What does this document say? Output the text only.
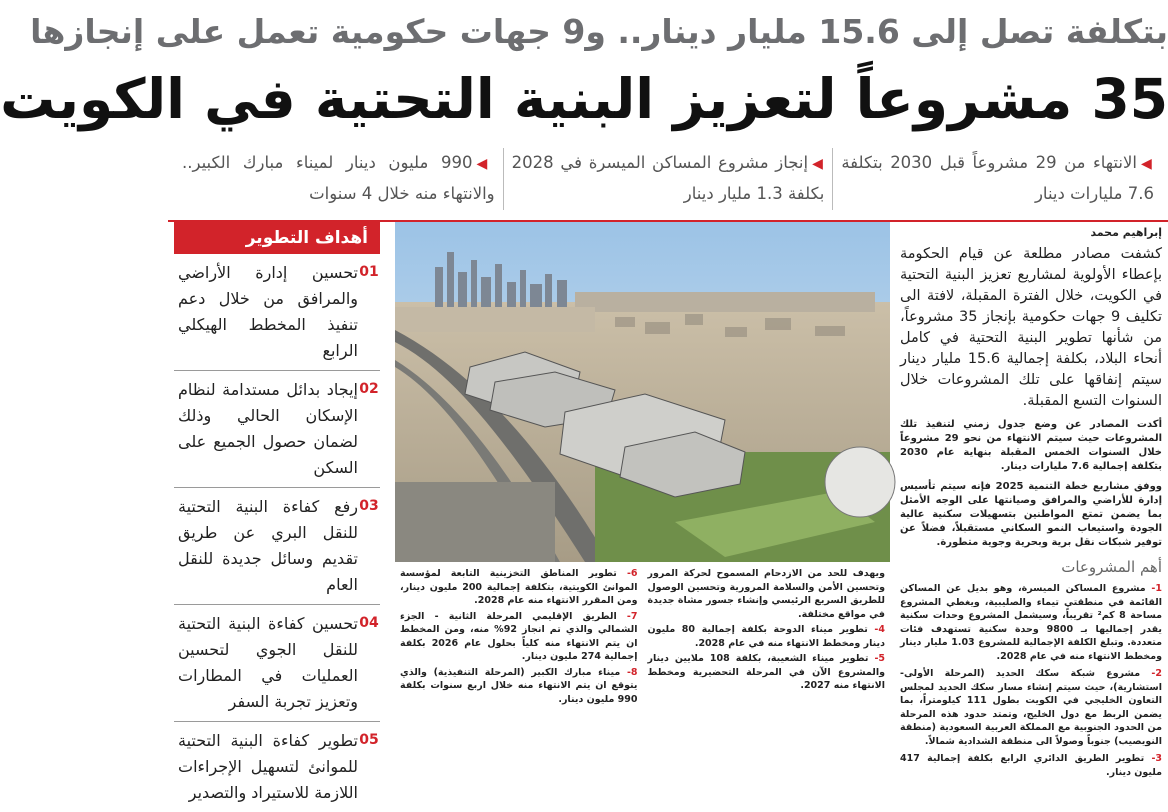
بتكلفة تصل إلى 15.6 مليار دينار.. و9 جهات حكومية تعمل على إنجازها
35 مشروعاً لتعزيز البنية التحتية في الكويت
◀الانتهاء من 29 مشروعاً قبل 2030 بتكلفة 7.6 مليارات دينار
◀إنجاز مشروع المساكن الميسرة في 2028 بكلفة 1.3 مليار دينار
◀990 مليون دينار لميناء مبارك الكبير.. والانتهاء منه خلال 4 سنوات
إبراهيم محمد

كشفت مصادر مطلعة عن قيام الحكومة بإعطاء الأولوية لمشاريع تعزيز البنية التحتية في الكويت، خلال الفترة المقبلة، لافتة الى تكليف 9 جهات حكومية بإنجاز 35 مشروعاً، من شأنها تطوير البنية التحتية في كامل أنحاء البلاد، بكلفة إجمالية 15.6 مليار دينار سيتم إنفاقها على تلك المشروعات خلال السنوات التسع المقبلة.

أكدت المصادر عن وضع جدول زمني لتنفيذ تلك المشروعات حيث سيتم الانتهاء من نحو 29 مشروعاً خلال السنوات الخمس المقبلة بنهاية عام 2030 بتكلفة إجمالية 7.6 مليارات دينار.

ووفق مشاريع خطة التنمية 2025 فإنه سيتم تأسيس إدارة للأراضي والمرافق وصيانتها على الوجه الأمثل بما يضمن تمتع المواطنين بتسهيلات سكنية عالية الجودة واستيعاب النمو السكاني مستقبلاً، فضلاً عن توفير شبكات نقل برية وبحرية وجوية متطورة.

أهم المشروعات

1- مشروع المساكن الميسرة، وهو بديل عن المساكن القائمة في منطقتي تيماء والصليبية، ويغطي المشروع مساحة 8 كم² تقريباً، وسيشمل المشروع وحدات سكنية يقدر إجماليها بـ 9800 وحدة سكنية تستهدف فئات متعددة. وتبلغ الكلفة الإجمالية للمشروع 1.03 مليار دينار ومخطط الانتهاء منه في عام 2028.

2- مشروع شبكة سكك الحديد (المرحلة الأولى- استشارية)، حيث سيتم إنشاء مسار سكك الحديد لمجلس التعاون الخليجي في الكويت بطول 111 كيلومتراً، بما يضمن الربط مع دول الخليج، وتمتد حدود هذه المرحلة من الحدود الجنوبية مع المملكة العربية السعودية (منطقة النويصيب) جنوباً وصولاً الى منطقة الشدادية شمالاً.

3- تطوير الطريق الدائري الرابع بكلفة إجمالية 417 مليون دينار.

ويهدف للحد من الازدحام المسموح لحركة المرور وتحسين الأمن والسلامة المرورية وتحسين الوصول للطريق السريع الرئيسي وإنشاء جسور مشاة جديدة في مواقع مختلفة.

4- تطوير ميناء الدوحة بكلفة إجمالية 80 مليون دينار ومخطط الانتهاء منه في عام 2028.

5- تطوير ميناء الشعيبة، بكلفة 108 ملايين دينار والمشروع الآن في المرحلة التحضيرية ومخطط الانتهاء منه 2027.

6- تطوير المناطق التخزينية التابعة لمؤسسة الموانئ الكويتية، بتكلفة إجمالية 200 مليون دينار، ومن المقرر الانتهاء منه عام 2028.

7- الطريق الإقليمي المرحلة الثانية - الجزء الشمالي والذي تم انجاز 92% منه، ومن المخطط ان يتم الانتهاء منه كلياً بحلول عام 2026 بكلفة إجمالية 274 مليون دينار.

8- ميناء مبارك الكبير (المرحلة التنفيذية) والذي يتوقع ان يتم الانتهاء منه خلال اربع سنوات بكلفة 990 مليون دينار.

أهداف التطوير
01
تحسين إدارة الأراضي والمرافق من خلال دعم تنفيذ المخطط الهيكلي الرابع
02
إيجاد بدائل مستدامة لنظام الإسكان الحالي وذلك لضمان حصول الجميع على السكن
03
رفع كفاءة البنية التحتية للنقل البري عن طريق تقديم وسائل جديدة للنقل العام
04
تحسين كفاءة البنية التحتية للنقل الجوي لتحسين العمليات في المطارات وتعزيز تجربة السفر
05
تطوير كفاءة البنية التحتية للموانئ لتسهيل الإجراءات اللازمة للاستيراد والتصدير
